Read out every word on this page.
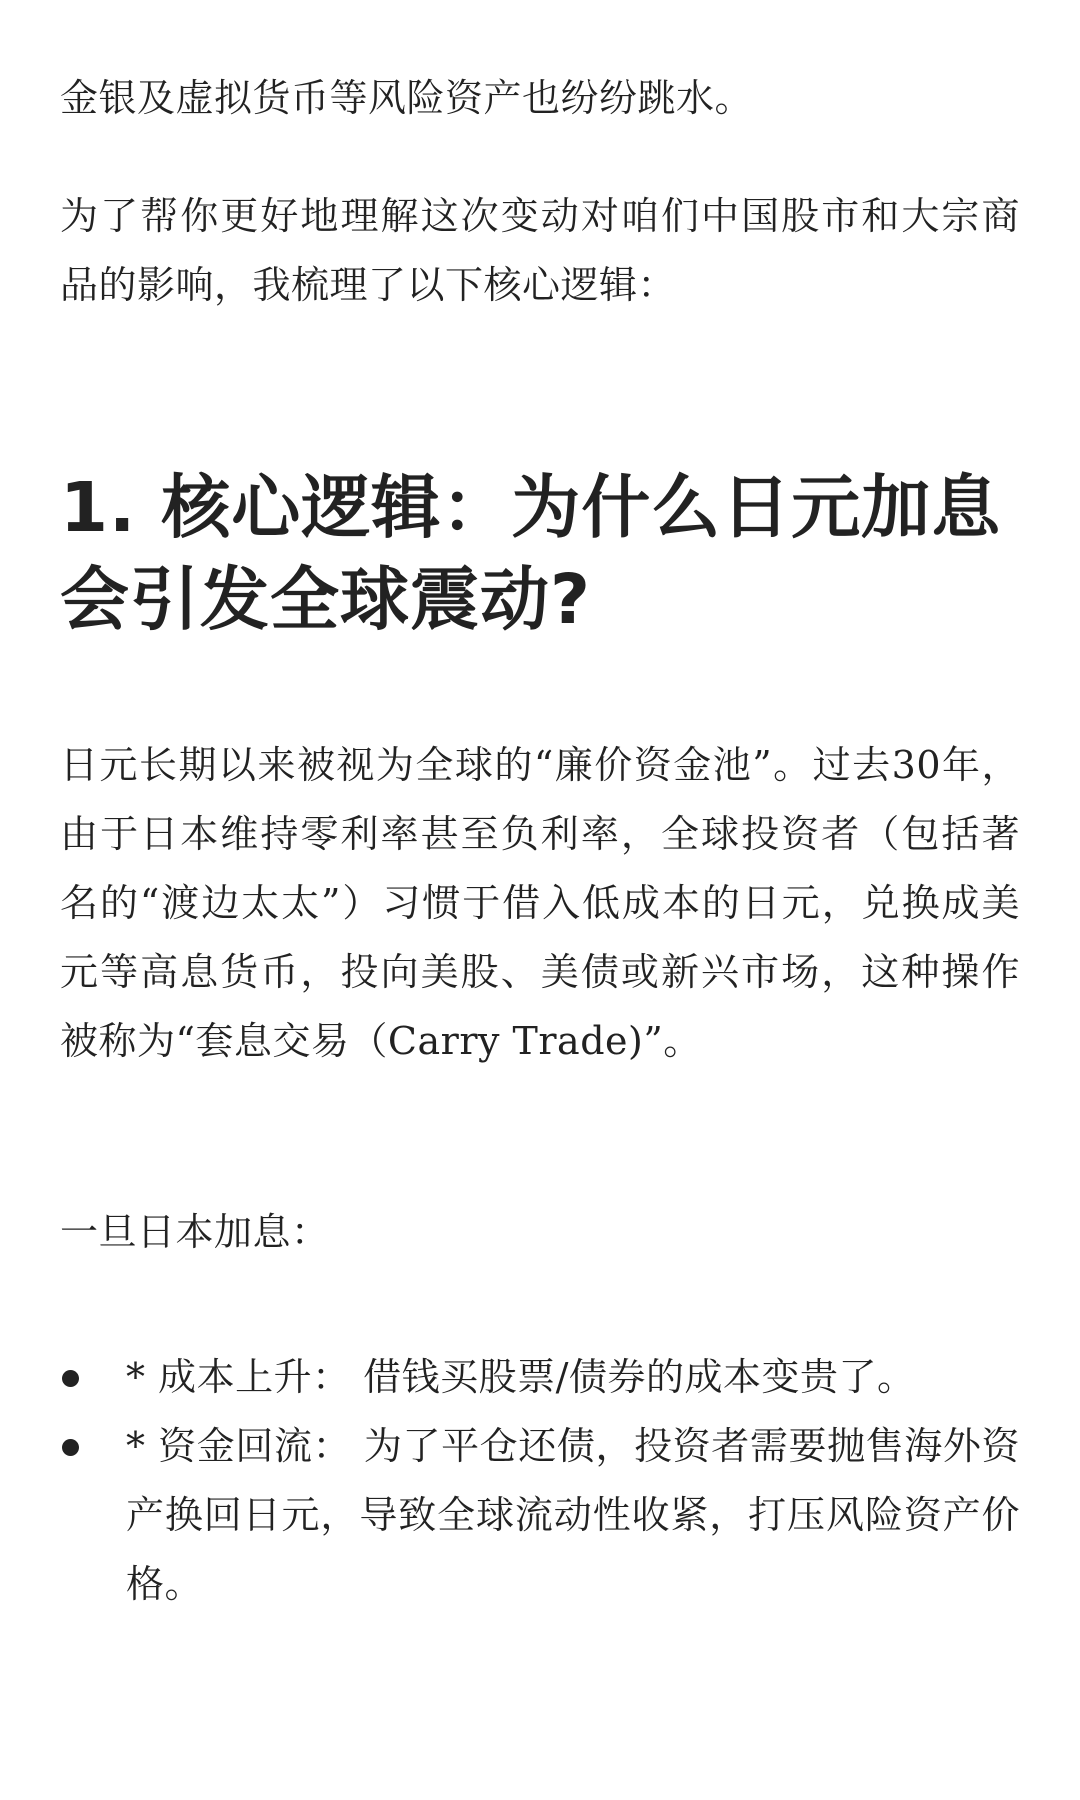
金银及虚拟货币等风险资产也纷纷跳水。

为了帮你更好地理解这次变动对咱们中国股市和大宗商品的影响，我梳理了以下核心逻辑：

1. 核心逻辑：为什么日元加息会引发全球震动?

日元长期以来被视为全球的“廉价资金池”。过去30年，由于日本维持零利率甚至负利率，全球投资者（包括著名的“渡边太太”）习惯于借入低成本的日元，兑换成美元等高息货币，投向美股、美债或新兴市场，这种操作被称为“套息交易（Carry Trade)”。

一旦日本加息：

* 成本上升： 借钱买股票/债券的成本变贵了。
* 资金回流： 为了平仓还债，投资者需要抛售海外资产换回日元，导致全球流动性收紧，打压风险资产价格。
